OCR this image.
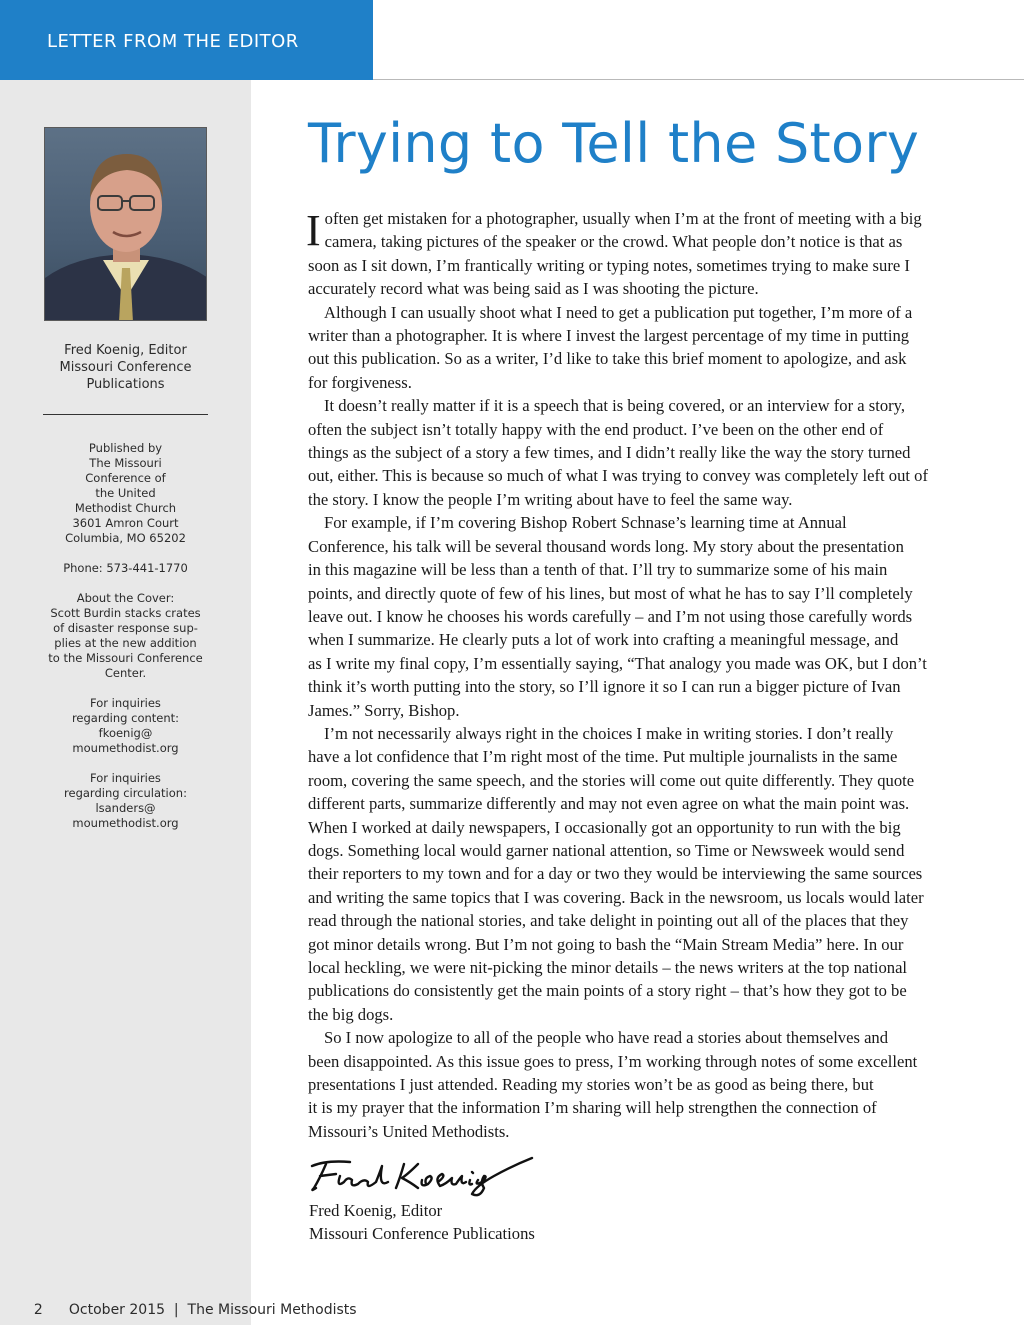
LETTER FROM THE EDITOR
Fred Koenig, Editor
Missouri Conference
Publications
Published by
The Missouri
Conference of
the United
Methodist Church
3601 Amron Court
Columbia, MO 65202
Phone: 573-441-1770
About the Cover:
Scott Burdin stacks crates
of disaster response sup-
plies at the new addition
to the Missouri Conference
Center.
For inquiries
regarding content:
fkoenig@
moumethodist.org
For inquiries
regarding circulation:
lsanders@
moumethodist.org
Trying to Tell the Story
I often get mistaken for a photographer, usually when I’m at the front of meeting with a big
camera, taking pictures of the speaker or the crowd. What people don’t notice is that as
soon as I sit down, I’m frantically writing or typing notes, sometimes trying to make sure I
accurately record what was being said as I was shooting the picture.
Although I can usually shoot what I need to get a publication put together, I’m more of a
writer than a photographer. It is where I invest the largest percentage of my time in putting
out this publication. So as a writer, I’d like to take this brief moment to apologize, and ask
for forgiveness.
It doesn’t really matter if it is a speech that is being covered, or an interview for a story,
often the subject isn’t totally happy with the end product. I’ve been on the other end of
things as the subject of a story a few times, and I didn’t really like the way the story turned
out, either. This is because so much of what I was trying to convey was completely left out of
the story. I know the people I’m writing about have to feel the same way.
For example, if I’m covering Bishop Robert Schnase’s learning time at Annual
Conference, his talk will be several thousand words long. My story about the presentation
in this magazine will be less than a tenth of that. I’ll try to summarize some of his main
points, and directly quote of few of his lines, but most of what he has to say I’ll completely
leave out. I know he chooses his words carefully – and I’m not using those carefully words
when I summarize. He clearly puts a lot of work into crafting a meaningful message, and
as I write my final copy, I’m essentially saying, “That analogy you made was OK, but I don’t
think it’s worth putting into the story, so I’ll ignore it so I can run a bigger picture of Ivan
James.” Sorry, Bishop.
I’m not necessarily always right in the choices I make in writing stories. I don’t really
have a lot confidence that I’m right most of the time. Put multiple journalists in the same
room, covering the same speech, and the stories will come out quite differently. They quote
different parts, summarize differently and may not even agree on what the main point was.
When I worked at daily newspapers, I occasionally got an opportunity to run with the big
dogs. Something local would garner national attention, so Time or Newsweek would send
their reporters to my town and for a day or two they would be interviewing the same sources
and writing the same topics that I was covering. Back in the newsroom, us locals would later
read through the national stories, and take delight in pointing out all of the places that they
got minor details wrong. But I’m not going to bash the “Main Stream Media” here. In our
local heckling, we were nit-picking the minor details – the news writers at the top national
publications do consistently get the main points of a story right – that’s how they got to be
the big dogs.
So I now apologize to all of the people who have read a stories about themselves and
been disappointed. As this issue goes to press, I’m working through notes of some excellent
presentations I just attended. Reading my stories won’t be as good as being there, but
it is my prayer that the information I’m sharing will help strengthen the connection of
Missouri’s United Methodists.
Fred Koenig, Editor
Missouri Conference Publications

2 October 2015  |  The Missouri Methodists
